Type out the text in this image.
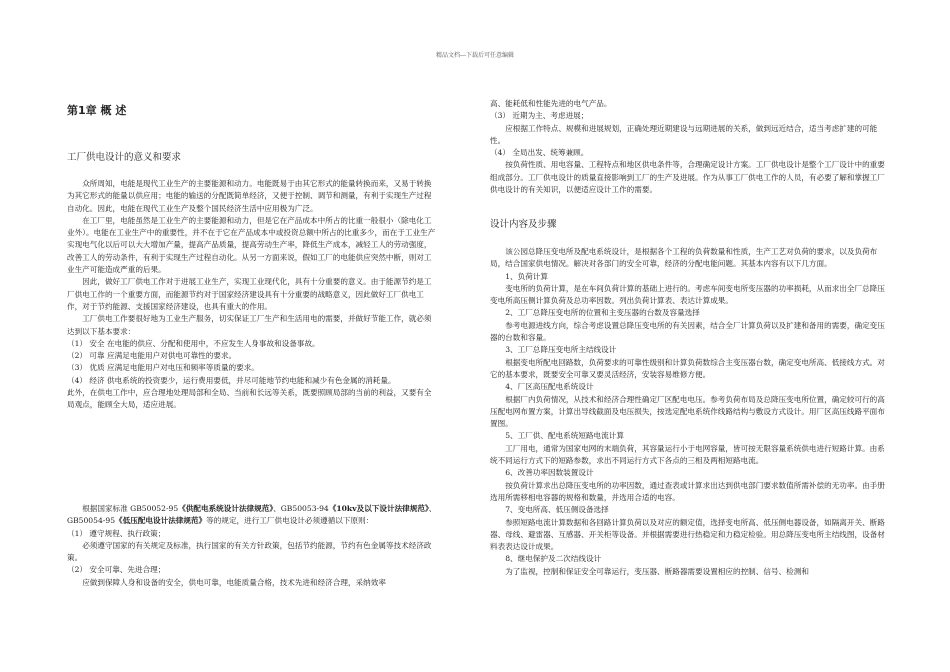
精品文档---下载后可任意编辑
第1章 概 述
工厂供电设计的意义和要求

众所周知，电能是现代工业生产的主要能源和动力。电能既易于由其它形式的能量转换而来，又易于转换为其它形式的能量以供应用；电能的输送的分配既简单经济，又便于控制、调节和测量，有利于实现生产过程自动化。因此，电能在现代工业生产及整个国民经济生活中应用极为广泛。

在工厂里，电能虽然是工业生产的主要能源和动力，但是它在产品成本中所占的比重一般很小（除电化工业外）。电能在工业生产中的重要性，并不在于它在产品成本中或投资总额中所占的比重多少，而在于工业生产实现电气化以后可以大大增加产量，提高产品质量，提高劳动生产率，降低生产成本，减轻工人的劳动强度，改善工人的劳动条件，有利于实现生产过程自动化。从另一方面来说，假如工厂的电能供应突然中断，则对工业生产可能造成严重的后果。

因此，做好工厂供电工作对于进展工业生产，实现工业现代化，具有十分重要的意义。由于能源节约是工厂供电工作的一个重要方面，而能源节约对于国家经济建设具有十分重要的战略意义，因此做好工厂供电工作，对于节约能源、支援国家经济建设，也具有重大的作用。

工厂供电工作要很好地为工业生产服务，切实保证工厂生产和生活用电的需要，并做好节能工作，就必须达到以下基本要求：

（1） 安全 在电能的供应、分配和使用中，不应发生人身事故和设备事故。

（2） 可靠 应满足电能用户对供电可靠性的要求。

（3） 优质 应满足电能用户对电压和频率等质量的要求。

（4） 经济 供电系统的投资要少，运行费用要低，并尽可能地节约电能和减少有色金属的消耗量。

此外，在供电工作中，应合理地处理局部和全局、当前和长远等关系，既要照顾局部的当前的利益，又要有全局观点，能顾全大局，适应进展。

根据国家标准 GB50052-95《供配电系统设计法律规范》、GB50053-94《10kv及以下设计法律规范》、GB50054-95《低压配电设计法律规范》等的规定，进行工厂供电设计必须遵循以下原则：

（1） 遵守规程、执行政策；

必须遵守国家的有关规定及标准，执行国家的有关方针政策，包括节约能源，节约有色金属等技术经济政策。

（2） 安全可靠、先进合理；

应做到保障人身和设备的安全，供电可靠，电能质量合格，技术先进和经济合理，采纳效率

高、能耗低和性能先进的电气产品。

（3） 近期为主、考虑进展；

应根据工作特点、规模和进展规划，正确处理近期建设与远期进展的关系，做到远近结合，适当考虑扩建的可能性。

（4） 全局出发、统筹兼顾。

按负荷性质、用电容量、工程特点和地区供电条件等，合理确定设计方案。工厂供电设计是整个工厂设计中的重要组成部分。工厂供电设计的质量直接影响到工厂的生产及进展。作为从事工厂供电工作的人员，有必要了解和掌握工厂供电设计的有关知识，以便适应设计工作的需要。

设计内容及步骤

该公园总降压变电所及配电系统设计，是根据各个工程的负荷数量和性质，生产工艺对负荷的要求，以及负荷布局，结合国家供电情况。解决对各部门的安全可靠，经济的分配电能问题。其基本内容有以下几方面。

1、负荷计算

变电所的负荷计算，是在车间负荷计算的基础上进行的。考虑车间变电所变压器的功率损耗，从而求出全厂总降压变电所高压侧计算负荷及总功率因数。列出负荷计算表、表达计算成果。

2、工厂总降压变电所的位置和主变压器的台数及容量选择

参考电源进线方向，综合考虑设置总降压变电所的有关因素，结合全厂计算负荷以及扩建和备用的需要，确定变压器的台数和容量。

3、工厂总降压变电所主结线设计

根据变电所配电回路数，负荷要求的可靠性级别和计算负荷数综合主变压器台数，确定变电所高、低接线方式。对它的基本要求，既要安全可靠又要灵活经济，安装容易维修方便。

4、厂区高压配电系统设计

根据厂内负荷情况，从技术和经济合理性确定厂区配电电压。参考负荷布局及总降压变电所位置，确定较可行的高压配电网布置方案，计算出导线截面及电压损失，按选定配电系统作线路结构与敷设方式设计。用厂区高压线路平面布置图。

5、工厂供、配电系统短路电流计算

工厂用电，通常为国家电网的末端负荷，其容量运行小于电网容量，皆可按无限容量系统供电进行短路计算。由系统不同运行方式下的短路参数，求出不同运行方式下各点的三相及两相短路电流。

6、改善功率因数装置设计

按负荷计算求出总降压变电所的功率因数，通过查表或计算求出达到供电部门要求数值所需补偿的无功率。由手册选用所需移相电容器的规格和数量，并选用合适的电容。

7、变电所高、低压侧设备选择

参照短路电流计算数据和各回路计算负荷以及对应的额定值，选择变电所高、低压侧电器设备，如隔离开关、断路器、母线、避雷器、互感器、开关柜等设备。并根据需要进行热稳定和力稳定检验。用总降压变电所主结线图，设备材料表表达设计成果。

8、继电保护及二次结线设计

为了监视，控制和保证安全可靠运行，变压器、断路器需要设置相应的控制、信号、检测和
